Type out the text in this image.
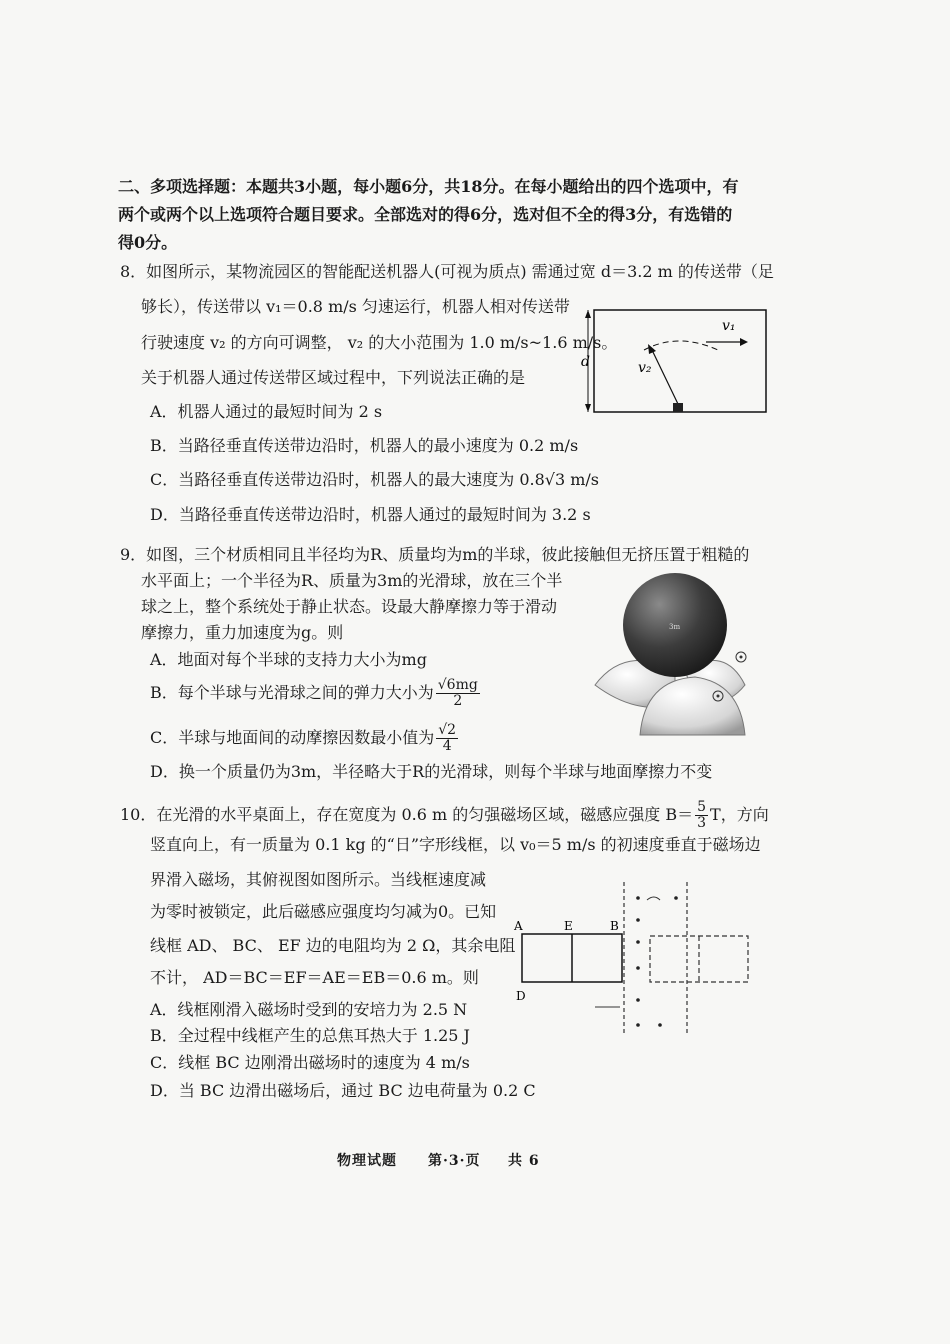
二、多项选择题：本题共3小题，每小题6分，共18分。在每小题给出的四个选项中，有
两个或两个以上选项符合题目要求。全部选对的得6分，选对但不全的得3分，有选错的
得0分。
8．如图所示，某物流园区的智能配送机器人(可视为质点) 需通过宽 d＝3.2 m 的传送带（足
够长），传送带以 v₁＝0.8 m/s 匀速运行，机器人相对传送带
行驶速度 v₂ 的方向可调整， v₂ 的大小范围为 1.0 m/s~1.6 m/s。
关于机器人通过传送带区域过程中，下列说法正确的是
A．机器人通过的最短时间为 2 s
B．当路径垂直传送带边沿时，机器人的最小速度为 0.2 m/s
C．当路径垂直传送带边沿时，机器人的最大速度为 0.8√3 m/s
D．当路径垂直传送带边沿时，机器人通过的最短时间为 3.2 s
d
v₁
v₂
9．如图，三个材质相同且半径均为R、质量均为m的半球，彼此接触但无挤压置于粗糙的
水平面上；一个半径为R、质量为3m的光滑球，放在三个半
球之上，整个系统处于静止状态。设最大静摩擦力等于滑动
摩擦力，重力加速度为g。则
A．地面对每个半球的支持力大小为mg
B．每个半球与光滑球之间的弹力大小为 $\frac{√6mg}{2}$
C．半球与地面间的动摩擦因数最小值为 $\frac{√2}{4}$
D．换一个质量仍为3m，半径略大于R的光滑球，则每个半球与地面摩擦力不变
3m
10．在光滑的水平桌面上，存在宽度为 0.6 m 的匀强磁场区域，磁感应强度 $B= \frac{5}{3}$ T，方向
竖直向上，有一质量为 0.1 kg 的“日”字形线框，以 v₀＝5 m/s 的初速度垂直于磁场边
界滑入磁场，其俯视图如图所示。当线框速度减
为零时被锁定，此后磁感应强度均匀减为0。已知
线框 AD、 BC、 EF 边的电阻均为 2 Ω，其余电阻
不计， AD＝BC＝EF＝AE＝EB＝0.6 m。则
A．线框刚滑入磁场时受到的安培力为 2.5 N
B．全过程中线框产生的总焦耳热大于 1.25 J
C．线框 BC 边刚滑出磁场时的速度为 4 m/s
D．当 BC 边滑出磁场后，通过 BC 边电荷量为 0.2 C
A	E	B
D
物理试题 第·3·页 共 6
